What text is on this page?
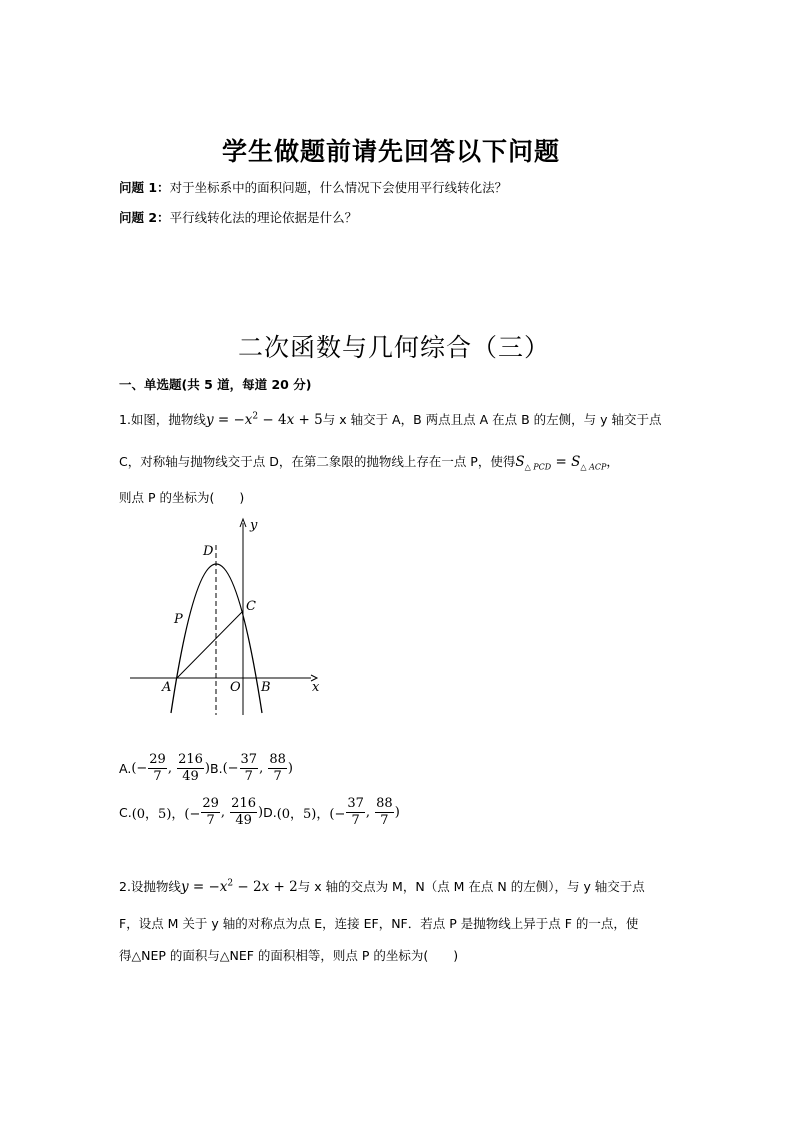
学生做题前请先回答以下问题
问题 1：对于坐标系中的面积问题，什么情况下会使用平行线转化法？
问题 2：平行线转化法的理论依据是什么？
二次函数与几何综合（三）
一、单选题(共 5 道，每道 20 分)
1.如图，抛物线$y = -x^2 - 4x + 5$与 x 轴交于 A，B 两点且点 A 在点 B 的左侧，与 y 轴交于点
C，对称轴与抛物线交于点 D，在第二象限的抛物线上存在一点 P，使得$S_{\triangle PCD} = S_{\triangle ACP}$，
则点 P 的坐标为(　　)
y
x
D
C
P
A	O B
A. (− $\frac{29}{7}$ , $\frac{216}{49}$ ) B. (− $\frac{37}{7}$ , $\frac{88}{7}$ )
C. (0，5) ，(− $\frac{29}{7}$ , $\frac{216}{49}$ ) D. (0，5) ，(− $\frac{37}{7}$ , $\frac{88}{7}$ )
2.设抛物线$y = -x^2 - 2x + 2$与 x 轴的交点为 M，N（点 M 在点 N 的左侧），与 y 轴交于点
F，设点 M 关于 y 轴的对称点为点 E，连接 EF，NF．若点 P 是抛物线上异于点 F 的一点，使
得△NEP 的面积与△NEF 的面积相等，则点 P 的坐标为(　　)
